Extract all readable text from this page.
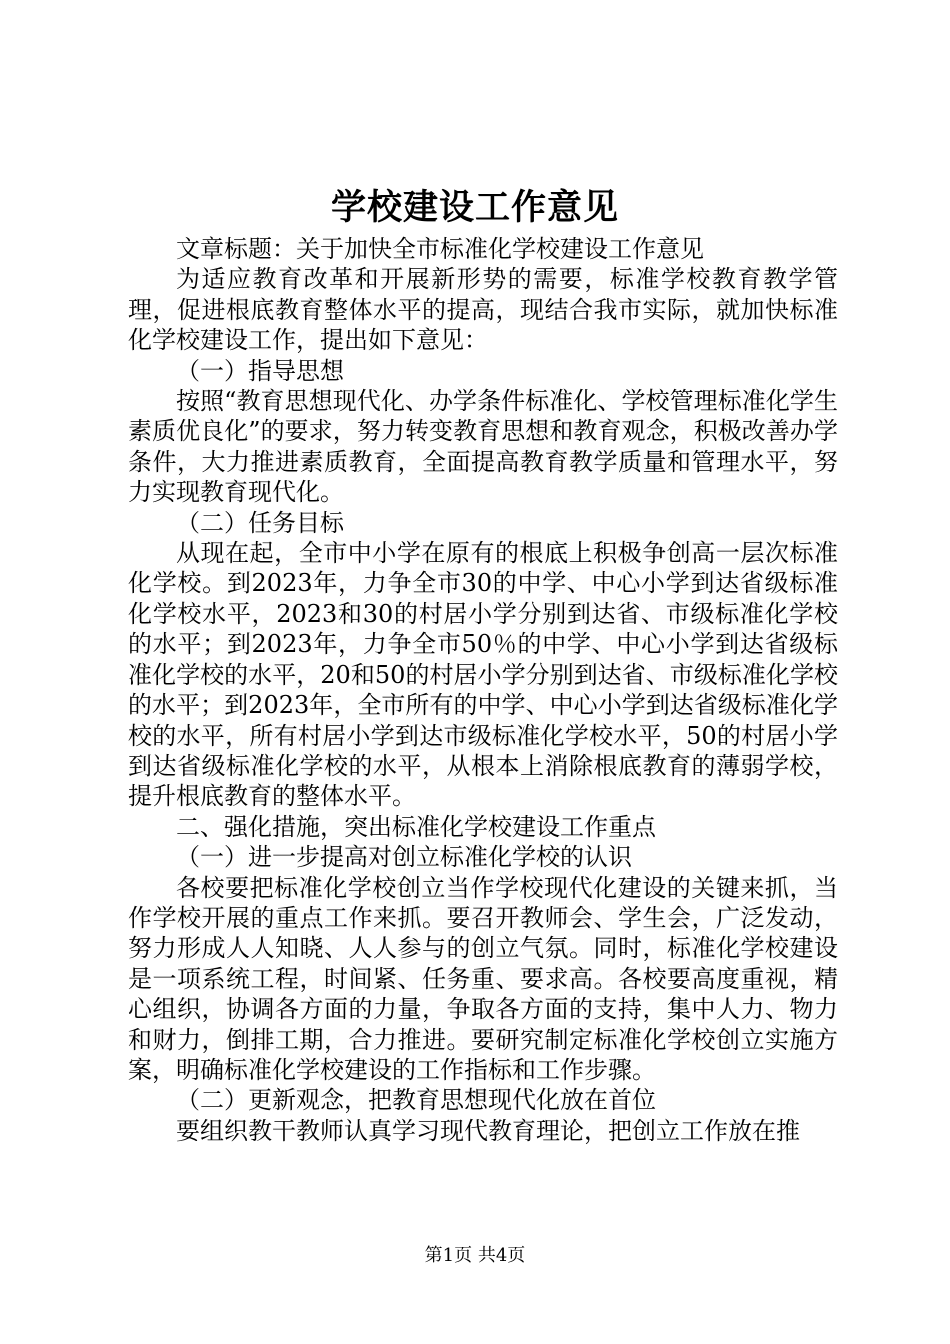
学校建设工作意见

文章标题：关于加快全市标准化学校建设工作意见

为适应教育改革和开展新形势的需要，标准学校教育教学管理，促进根底教育整体水平的提高，现结合我市实际，就加快标准化学校建设工作，提出如下意见：

（一）指导思想

按照“教育思想现代化、办学条件标准化、学校管理标准化学生素质优良化”的要求，努力转变教育思想和教育观念，积极改善办学条件，大力推进素质教育，全面提高教育教学质量和管理水平，努力实现教育现代化。

（二）任务目标

从现在起，全市中小学在原有的根底上积极争创高一层次标准化学校。到2023年，力争全市30的中学、中心小学到达省级标准化学校水平，2023和30的村居小学分别到达省、市级标准化学校的水平；到2023年，力争全市50％的中学、中心小学到达省级标准化学校的水平，20和50的村居小学分别到达省、市级标准化学校的水平；到2023年，全市所有的中学、中心小学到达省级标准化学校的水平，所有村居小学到达市级标准化学校水平，50的村居小学到达省级标准化学校的水平，从根本上消除根底教育的薄弱学校，提升根底教育的整体水平。

二、强化措施，突出标准化学校建设工作重点

（一）进一步提高对创立标准化学校的认识

各校要把标准化学校创立当作学校现代化建设的关键来抓，当作学校开展的重点工作来抓。要召开教师会、学生会，广泛发动，努力形成人人知晓、人人参与的创立气氛。同时，标准化学校建设是一项系统工程，时间紧、任务重、要求高。各校要高度重视，精心组织，协调各方面的力量，争取各方面的支持，集中人力、物力和财力，倒排工期，合力推进。要研究制定标准化学校创立实施方案，明确标准化学校建设的工作指标和工作步骤。

（二）更新观念，把教育思想现代化放在首位

要组织教干教师认真学习现代教育理论，把创立工作放在推

第1页 共4页
